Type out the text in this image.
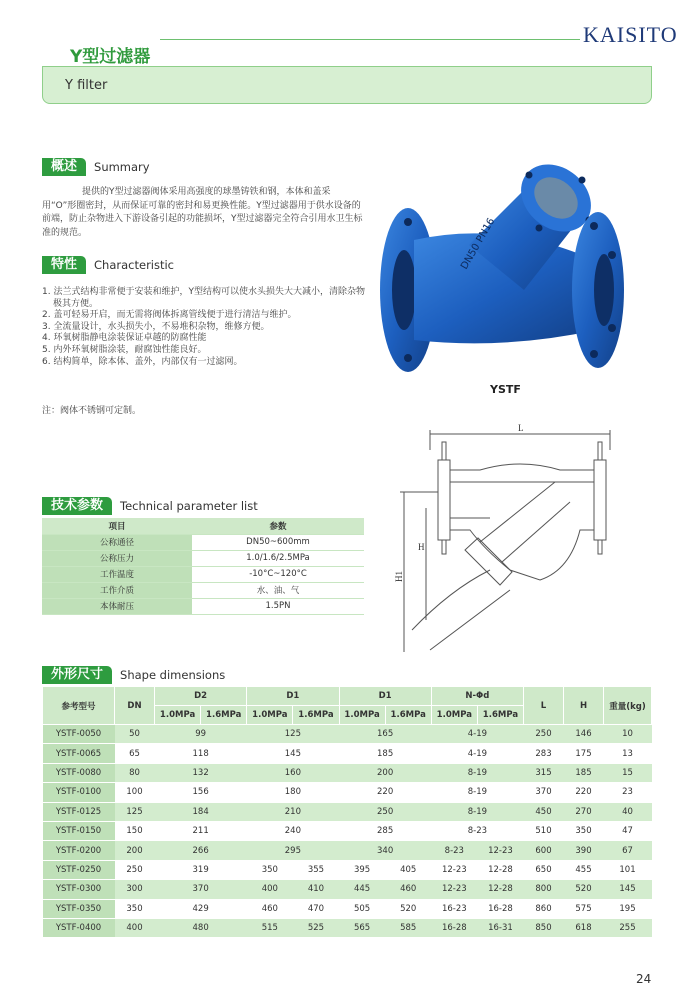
KAISITO
Y型过滤器
Y filter
概述	Summary

提供的Y型过滤器阀体采用高强度的球墨铸铁和钢，本体和盖采用“O”形圈密封，从而保证可靠的密封和易更换性能。Y型过滤器用于供水设备的前端，防止杂物进入下游设备引起的功能损坏，Y型过滤器完全符合引用水卫生标准的规范。

特性	Characteristic
1. 法兰式结构非常便于安装和维护，Y型结构可以使水头损失大大减小，清除杂物极其方便。
2. 盖可轻易开启，而无需将阀体拆离管线便于进行清洁与维护。
3. 全流量设计，水头损失小，不易堆积杂物，维修方便。
4. 环氧树脂静电涂装保证卓越的防腐性能
5. 内外环氧树脂涂装，耐腐蚀性能良好。
6. 结构简单，除本体、盖外，内部仅有一过滤网。
注：阀体不锈钢可定制。
DN50 PN16
YSTF
L
H
H1
技术参数	Technical parameter list
项目	参数
公称通径	DN50~600mm
公称压力	1.0/1.6/2.5MPa
工作温度	-10°C~120°C
工作介质	水、油、气
本体耐压	1.5PN
外形尺寸	Shape dimensions
参考型号	DN	D2		D1		D1		N-Φd		L	H	重量(kg)
		1.0MPa	1.6MPa	1.0MPa	1.6MPa	1.0MPa	1.6MPa	1.0MPa	1.6MPa			
YSTF-0050	50	99		125		165		4-19		250	146	10
YSTF-0065	65	118		145		185		4-19		283	175	13
YSTF-0080	80	132		160		200		8-19		315	185	15
YSTF-0100	100	156		180		220		8-19		370	220	23
YSTF-0125	125	184		210		250		8-19		450	270	40
YSTF-0150	150	211		240		285		8-23		510	350	47
YSTF-0200	200	266		295		340		8-23	12-23	600	390	67
YSTF-0250	250	319		350	355	395	405	12-23	12-28	650	455	101
YSTF-0300	300	370		400	410	445	460	12-23	12-28	800	520	145
YSTF-0350	350	429		460	470	505	520	16-23	16-28	860	575	195
YSTF-0400	400	480		515	525	565	585	16-28	16-31	850	618	255
24
